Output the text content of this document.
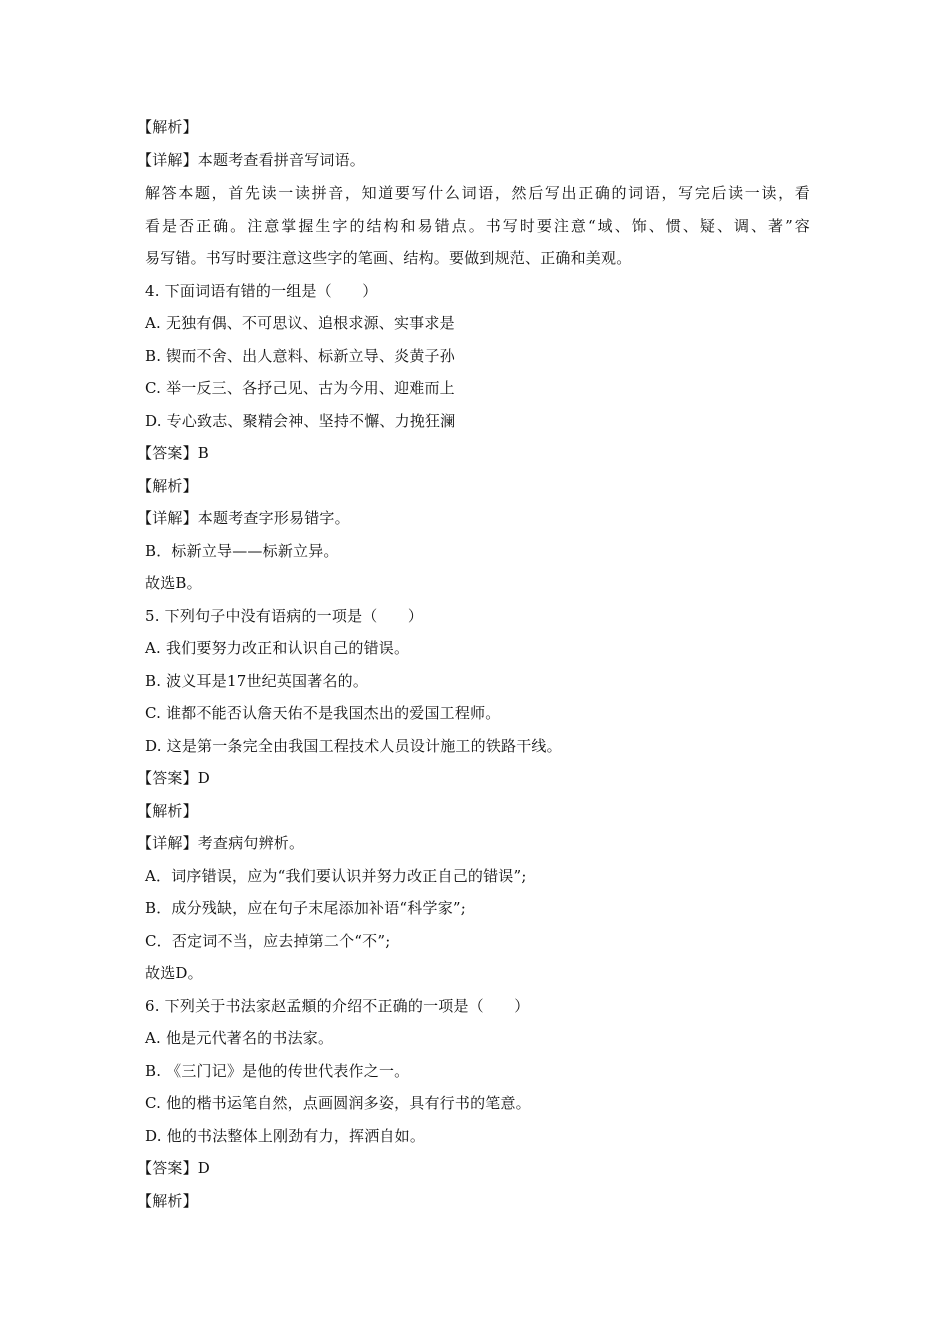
【解析】
【详解】本题考查看拼音写词语。
解答本题，首先读一读拼音，知道要写什么词语，然后写出正确的词语，写完后读一读，看
看是否正确。注意掌握生字的结构和易错点。书写时要注意“域、饰、惯、疑、调、著”容
易写错。书写时要注意这些字的笔画、结构。要做到规范、正确和美观。
4. 下面词语有错的一组是（　　）
A. 无独有偶、不可思议、追根求源、实事求是
B. 锲而不舍、出人意料、标新立导、炎黄子孙
C. 举一反三、各抒己见、古为今用、迎难而上
D. 专心致志、聚精会神、坚持不懈、力挽狂澜
【答案】B
【解析】
【详解】本题考查字形易错字。
B．标新立导——标新立异。
故选B。
5. 下列句子中没有语病的一项是（　　）
A. 我们要努力改正和认识自己的错误。
B. 波义耳是17世纪英国著名的。
C. 谁都不能否认詹天佑不是我国杰出的爱国工程师。
D. 这是第一条完全由我国工程技术人员设计施工的铁路干线。
【答案】D
【解析】
【详解】考查病句辨析。
A．词序错误，应为“我们要认识并努力改正自己的错误”;
B．成分残缺，应在句子末尾添加补语“科学家”;
C．否定词不当，应去掉第二个“不”;
故选D。
6. 下列关于书法家赵孟頫的介绍不正确的一项是（　　）
A. 他是元代著名的书法家。
B. 《三门记》是他的传世代表作之一。
C. 他的楷书运笔自然，点画圆润多姿，具有行书的笔意。
D. 他的书法整体上刚劲有力，挥洒自如。
【答案】D
【解析】
